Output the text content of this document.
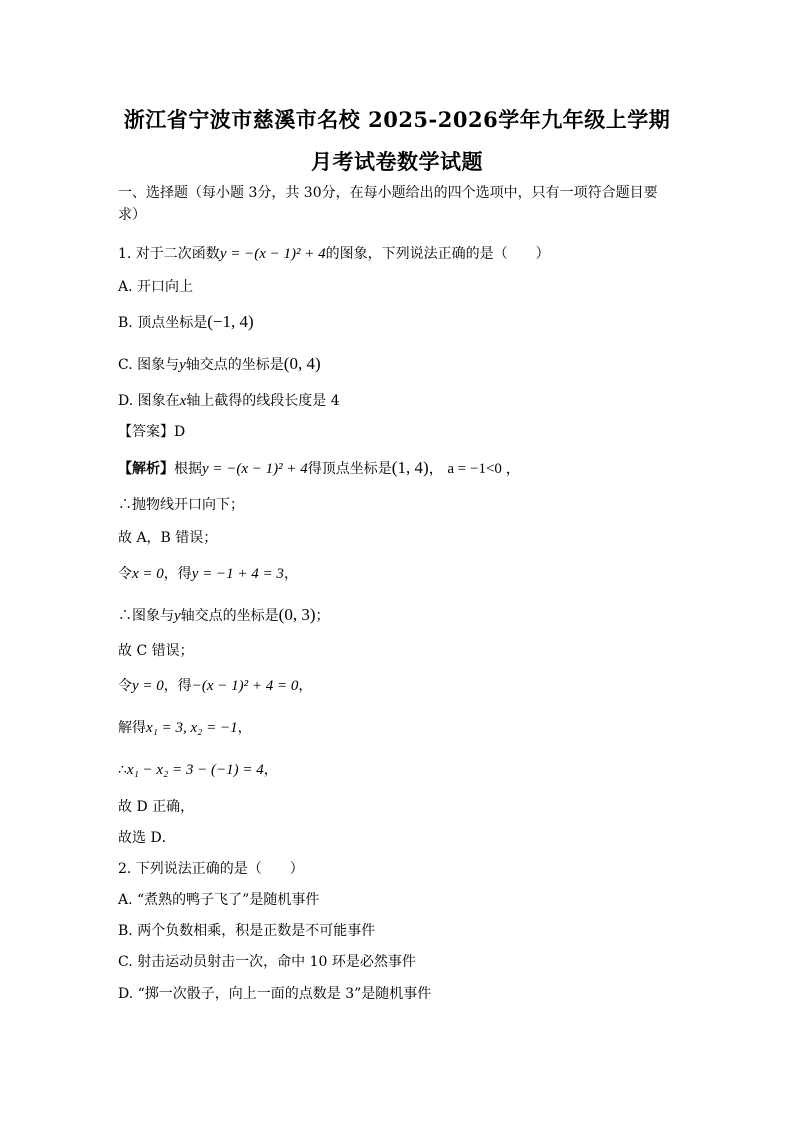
浙江省宁波市慈溪市名校 2025-2026学年九年级上学期
月考试卷数学试题
一、选择题（每小题 3分，共 30分，在每小题给出的四个选项中，只有一项符合题目要求）
1. 对于二次函数y = −(x − 1)² + 4的图象，下列说法正确的是（　　）
A. 开口向上
B. 顶点坐标是(−1, 4)
C. 图象与y轴交点的坐标是(0, 4)
D. 图象在x轴上截得的线段长度是 4
【答案】D
【解析】根据y = −(x − 1)² + 4得顶点坐标是(1, 4)， a = −1<0 ，
∴抛物线开口向下；
故 A，B 错误；
令x = 0，得y = −1 + 4 = 3，
∴图象与y轴交点的坐标是(0, 3)；
故 C 错误；
令y = 0，得−(x − 1)² + 4 = 0，
解得x₁ = 3, x₂ = −1，
∴x₁ − x₂ = 3 − (−1) = 4，
故 D 正确，
故选 D．
2. 下列说法正确的是（　　）
A. “煮熟的鸭子飞了”是随机事件
B. 两个负数相乘，积是正数是不可能事件
C. 射击运动员射击一次，命中 10 环是必然事件
D. “掷一次骰子，向上一面的点数是 3”是随机事件
